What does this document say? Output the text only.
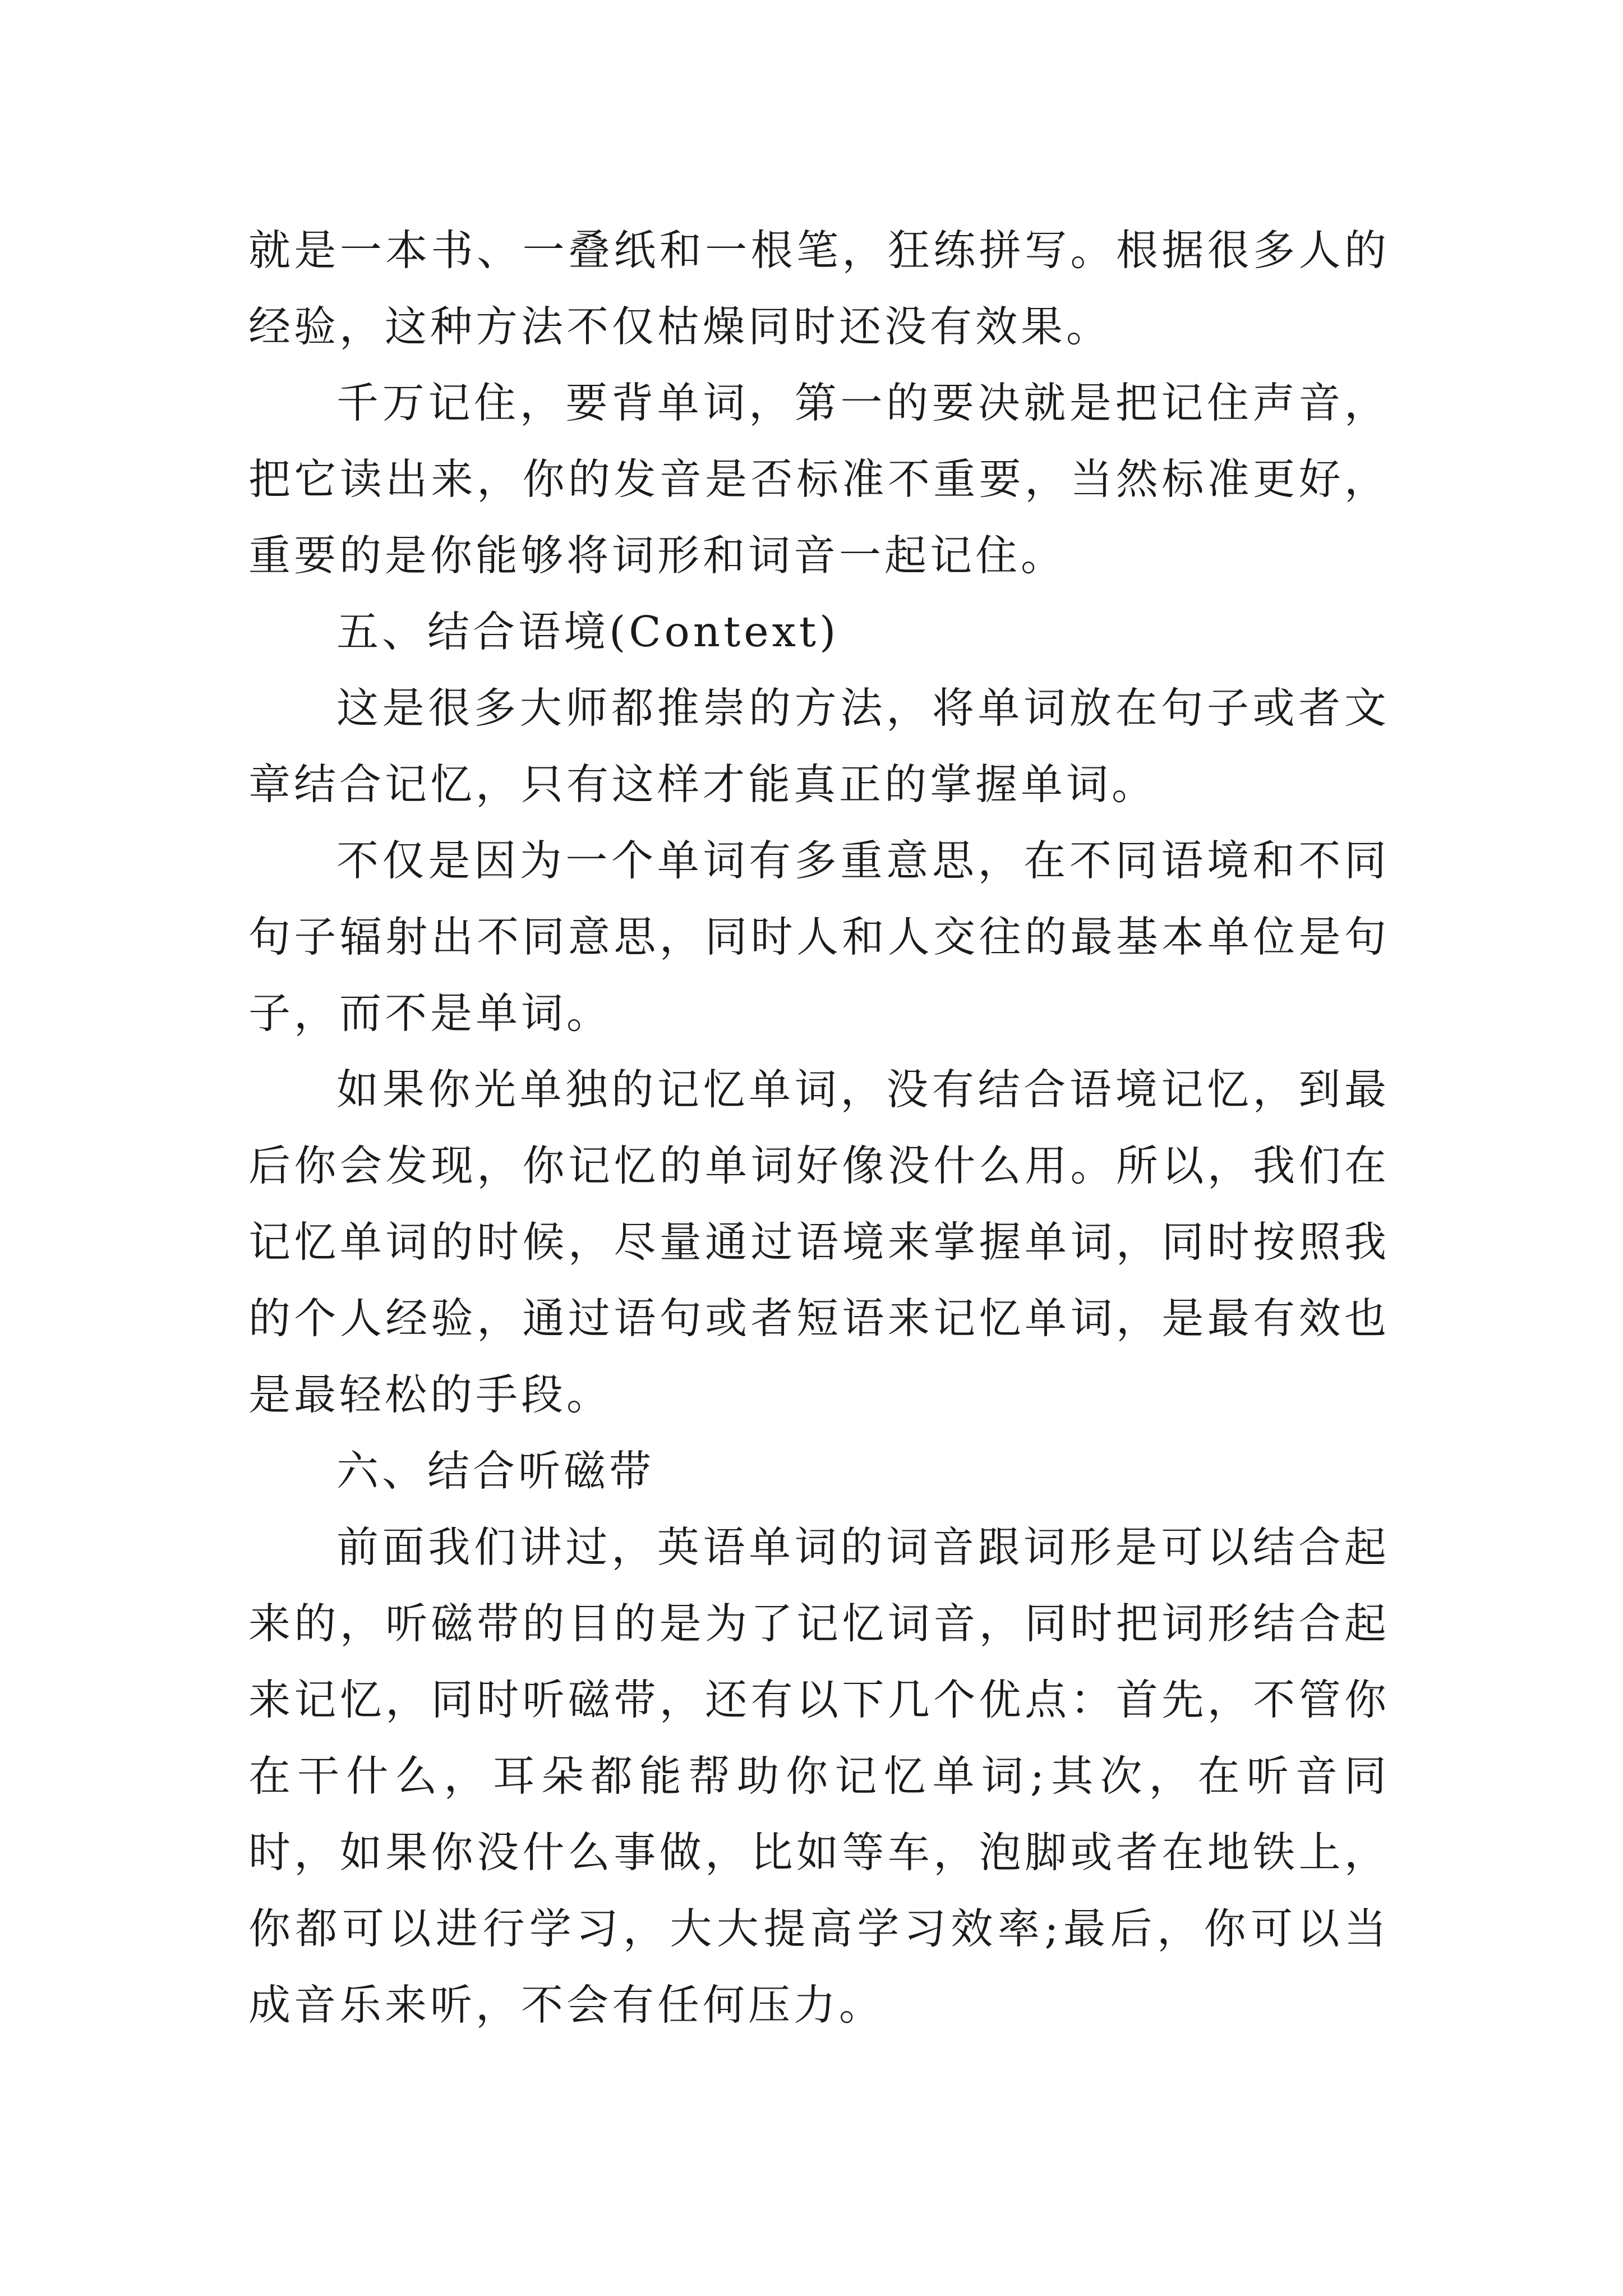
就是一本书、一叠纸和一根笔，狂练拼写。根据很多人的经验，这种方法不仅枯燥同时还没有效果。

千万记住，要背单词，第一的要决就是把记住声音，把它读出来，你的发音是否标准不重要，当然标准更好，重要的是你能够将词形和词音一起记住。

五、结合语境(Context)

这是很多大师都推崇的方法，将单词放在句子或者文章结合记忆，只有这样才能真正的掌握单词。

不仅是因为一个单词有多重意思，在不同语境和不同句子辐射出不同意思，同时人和人交往的最基本单位是句子，而不是单词。

如果你光单独的记忆单词，没有结合语境记忆，到最后你会发现，你记忆的单词好像没什么用。所以，我们在记忆单词的时候，尽量通过语境来掌握单词，同时按照我的个人经验，通过语句或者短语来记忆单词，是最有效也是最轻松的手段。

六、结合听磁带

前面我们讲过，英语单词的词音跟词形是可以结合起来的，听磁带的目的是为了记忆词音，同时把词形结合起来记忆，同时听磁带，还有以下几个优点：首先，不管你在干什么，耳朵都能帮助你记忆单词;其次，在听音同时，如果你没什么事做，比如等车，泡脚或者在地铁上，你都可以进行学习，大大提高学习效率;最后，你可以当成音乐来听，不会有任何压力。
